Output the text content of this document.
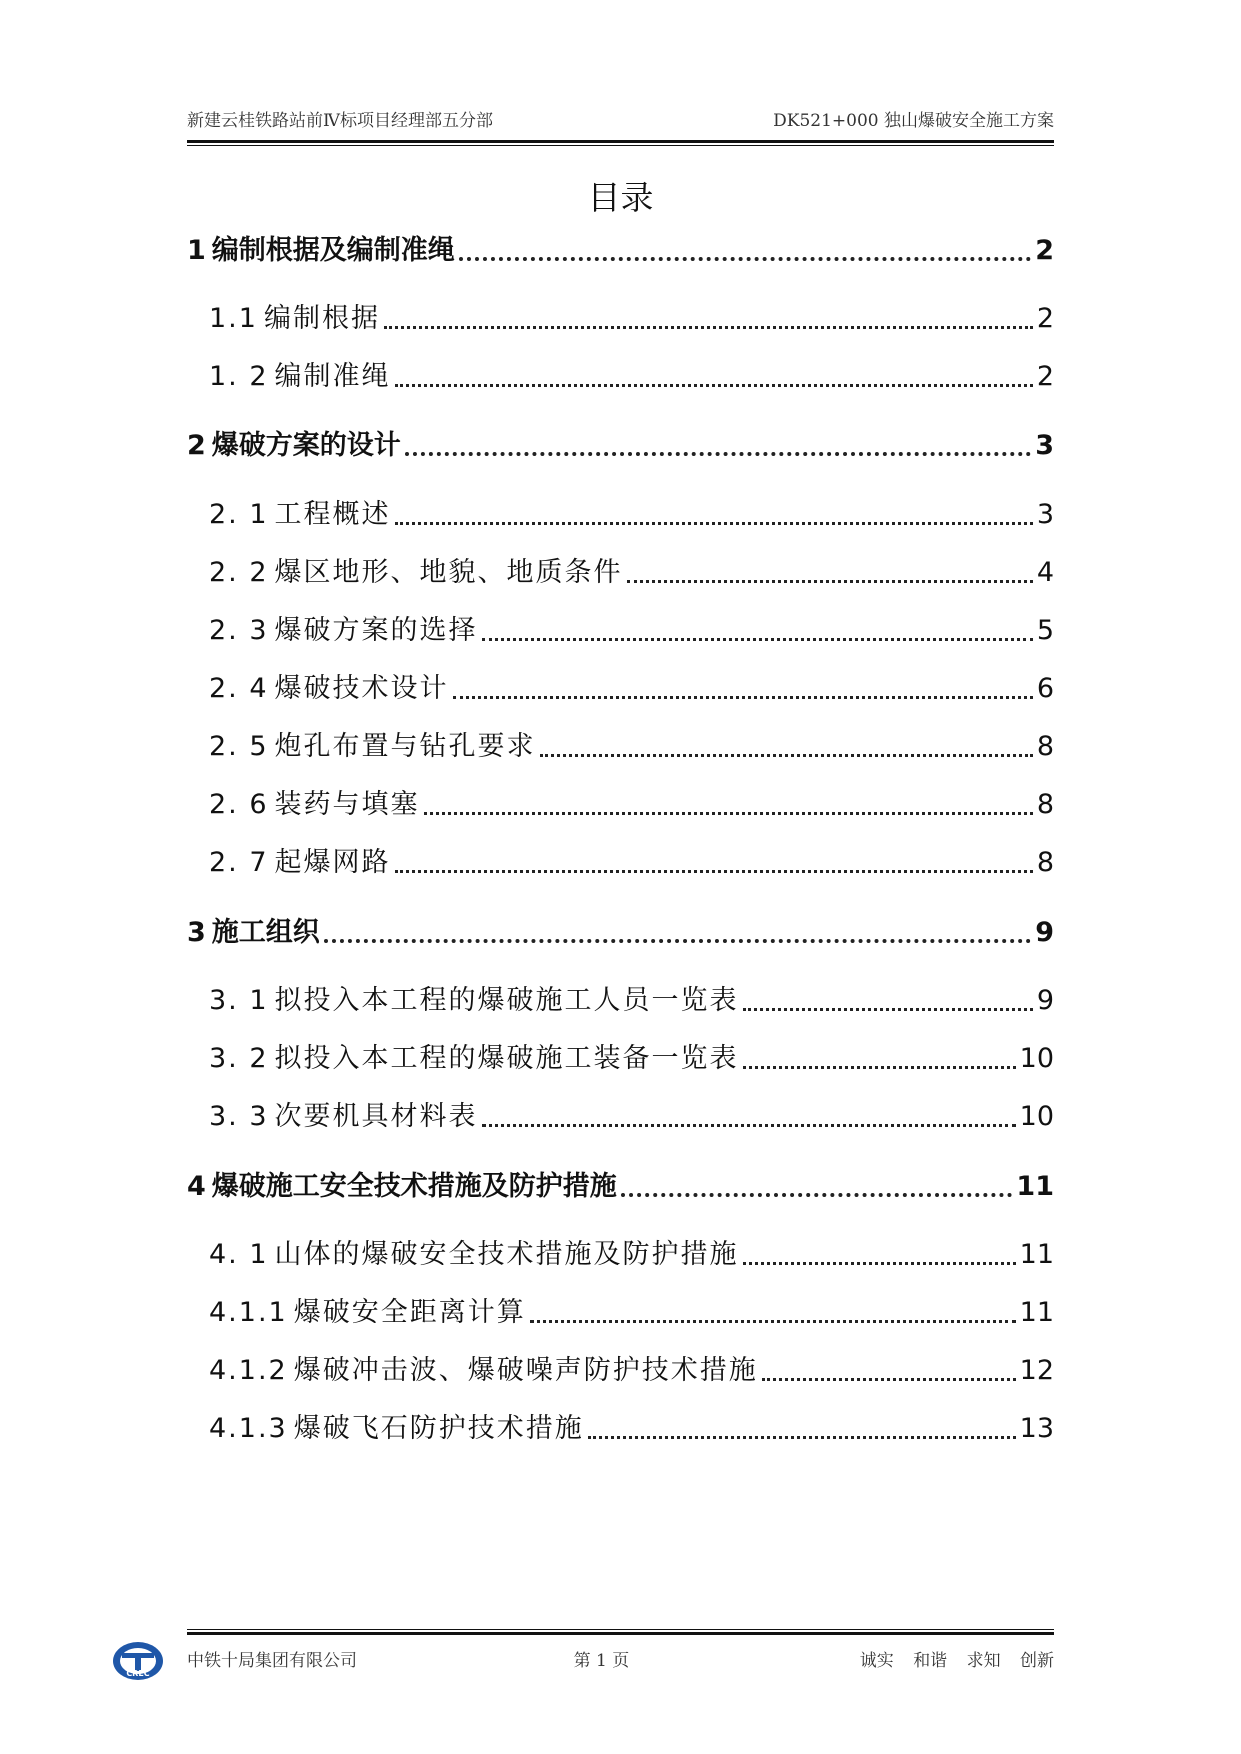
新建云桂铁路站前Ⅳ标项目经理部五分部	DK521+000 独山爆破安全施工方案
目录
1 编制根据及编制准绳	2
1.1 编制根据	2
1. 2 编制准绳	2
2 爆破方案的设计	3
2. 1 工程概述	3
2. 2 爆区地形、地貌、地质条件	4
2. 3 爆破方案的选择	5
2. 4 爆破技术设计	6
2. 5 炮孔布置与钻孔要求	8
2. 6 装药与填塞	8
2. 7 起爆网路	8
3 施工组织	9
3. 1 拟投入本工程的爆破施工人员一览表	9
3. 2 拟投入本工程的爆破施工装备一览表	10
3. 3 次要机具材料表	10
4 爆破施工安全技术措施及防护措施	11
4. 1 山体的爆破安全技术措施及防护措施	11
4.1.1 爆破安全距离计算	11
4.1.2 爆破冲击波、爆破噪声防护技术措施	12
4.1.3 爆破飞石防护技术措施	13
CREC
中铁十局集团有限公司	第 1 页	诚实 和谐 求知 创新
